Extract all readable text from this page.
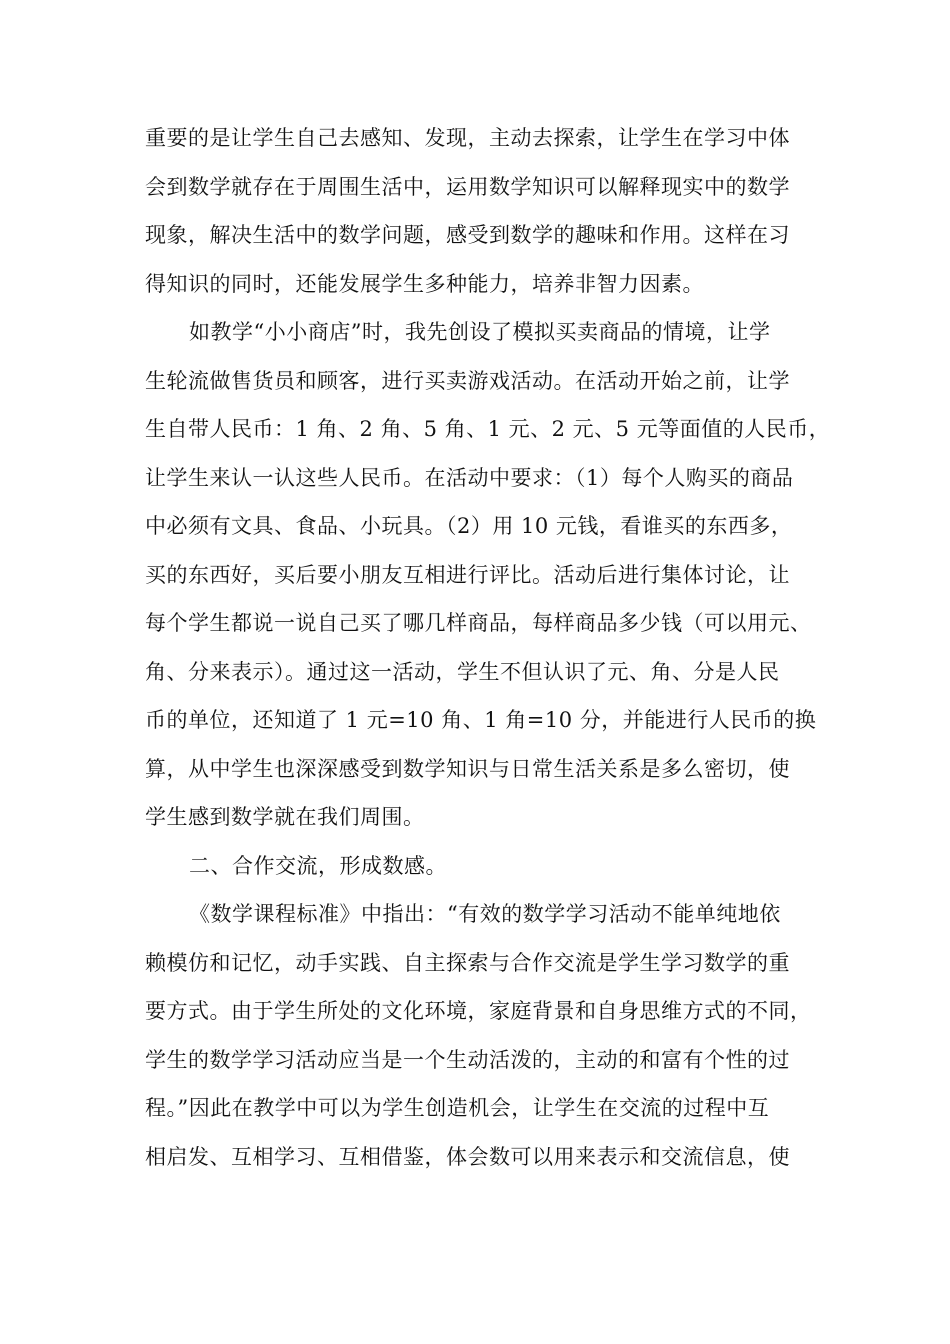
重要的是让学生自己去感知、发现，主动去探索，让学生在学习中体
会到数学就存在于周围生活中，运用数学知识可以解释现实中的数学
现象，解决生活中的数学问题，感受到数学的趣味和作用。这样在习
得知识的同时，还能发展学生多种能力，培养非智力因素。
如教学“小小商店”时，我先创设了模拟买卖商品的情境，让学
生轮流做售货员和顾客，进行买卖游戏活动。在活动开始之前，让学
生自带人民币：1 角、2 角、5 角、1 元、2 元、5 元等面值的人民币，
让学生来认一认这些人民币。在活动中要求：（1）每个人购买的商品
中必须有文具、食品、小玩具。（2）用 10 元钱，看谁买的东西多，
买的东西好，买后要小朋友互相进行评比。活动后进行集体讨论，让
每个学生都说一说自己买了哪几样商品，每样商品多少钱（可以用元、
角、分来表示）。通过这一活动，学生不但认识了元、角、分是人民
币的单位，还知道了 1 元=10 角、1 角=10 分，并能进行人民币的换
算，从中学生也深深感受到数学知识与日常生活关系是多么密切，使
学生感到数学就在我们周围。
二、合作交流，形成数感。
《数学课程标准》中指出：“有效的数学学习活动不能单纯地依
赖模仿和记忆，动手实践、自主探索与合作交流是学生学习数学的重
要方式。由于学生所处的文化环境，家庭背景和自身思维方式的不同，
学生的数学学习活动应当是一个生动活泼的，主动的和富有个性的过
程。”因此在教学中可以为学生创造机会，让学生在交流的过程中互
相启发、互相学习、互相借鉴，体会数可以用来表示和交流信息，使
